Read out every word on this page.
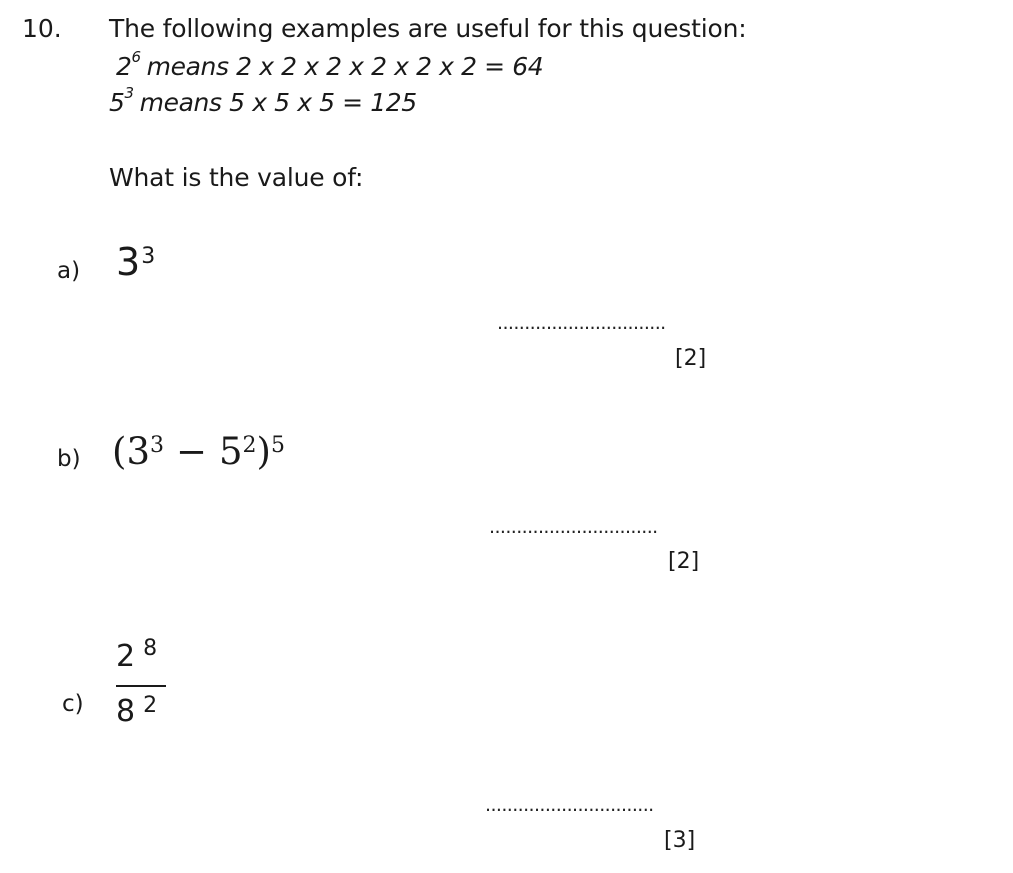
10. The following examples are useful for this question:
$2^6$ means 2 x 2 x 2 x 2 x 2 x 2 = 64
$5^3$ means 5 x 5 x 5 = 125
What is the value of:
a) $3^3$
...............................
[2]
b) $(3^3 - 5^2)^5$
...............................
[2]
c)
2 $^8$
8 $^2$
...............................
[3]
